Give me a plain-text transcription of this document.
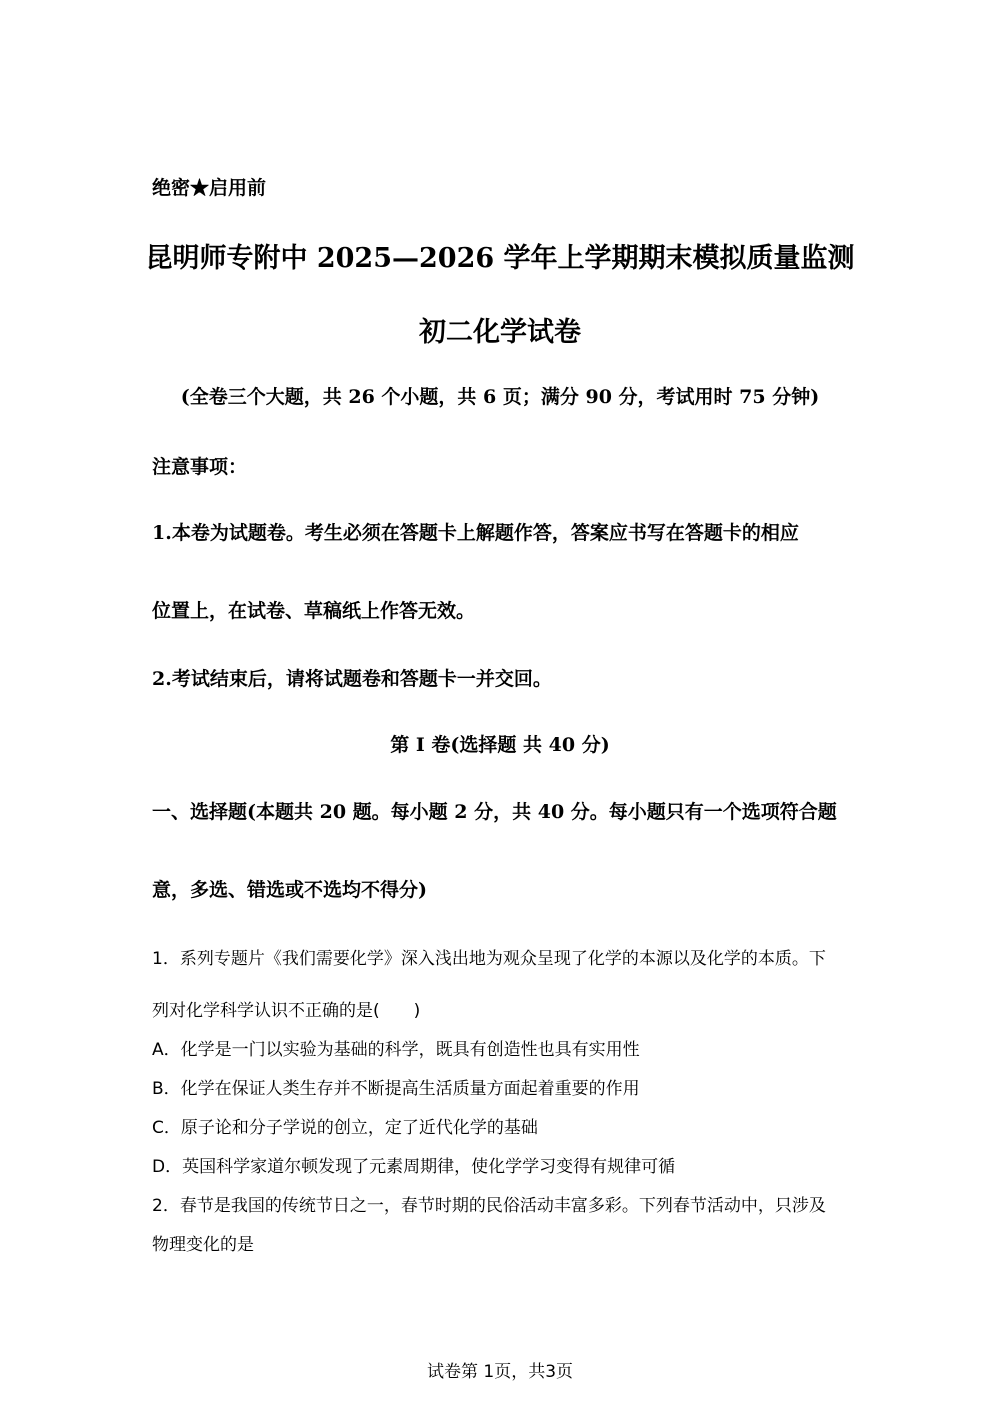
绝密★启用前
昆明师专附中 2025—2026 学年上学期期末模拟质量监测
初二化学试卷
(全卷三个大题，共 26 个小题，共 6 页；满分 90 分，考试用时 75 分钟)
注意事项：
1.本卷为试题卷。考生必须在答题卡上解题作答，答案应书写在答题卡的相应
位置上，在试卷、草稿纸上作答无效。
2.考试结束后，请将试题卷和答题卡一并交回。
第 Ⅰ 卷(选择题 共 40 分)
一、选择题(本题共 20 题。每小题 2 分，共 40 分。每小题只有一个选项符合题
意，多选、错选或不选均不得分)
1．系列专题片《我们需要化学》深入浅出地为观众呈现了化学的本源以及化学的本质。下
列对化学科学认识不正确的是(　　)
A．化学是一门以实验为基础的科学，既具有创造性也具有实用性
B．化学在保证人类生存并不断提高生活质量方面起着重要的作用
C．原子论和分子学说的创立，定了近代化学的基础
D．英国科学家道尔顿发现了元素周期律，使化学学习变得有规律可循
2．春节是我国的传统节日之一，春节时期的民俗活动丰富多彩。下列春节活动中，只涉及
物理变化的是
试卷第 1页，共3页
